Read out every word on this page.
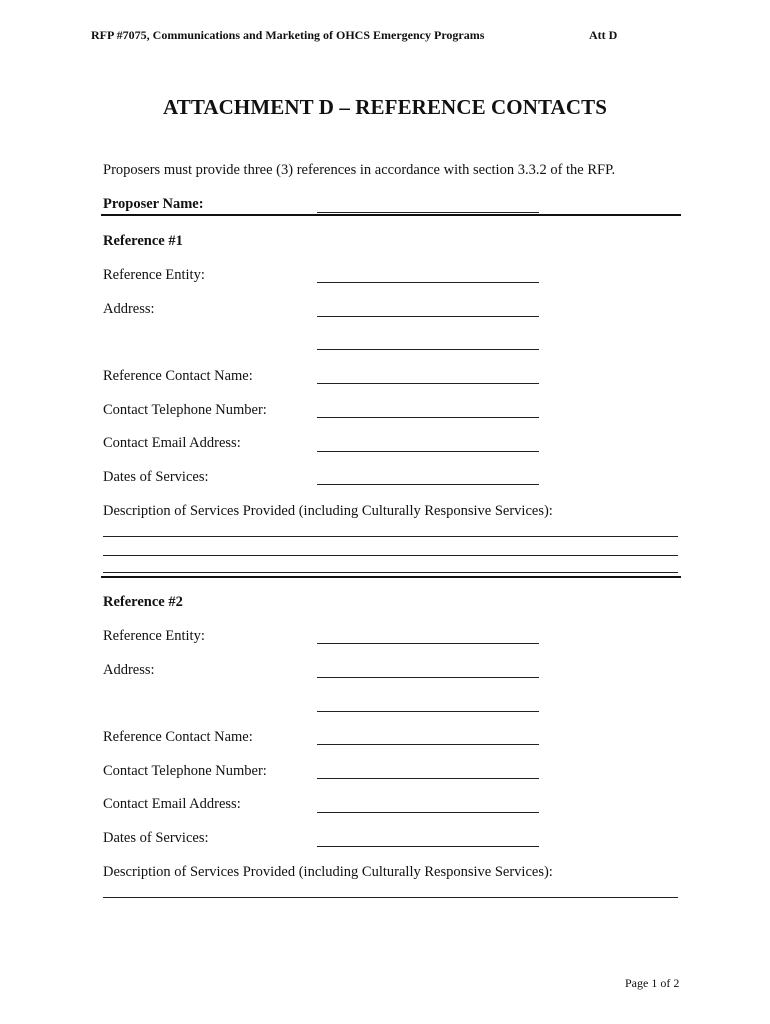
RFP #7075, Communications and Marketing of OHCS Emergency Programs	Att D
ATTACHMENT D – REFERENCE CONTACTS
Proposers must provide three (3) references in accordance with section 3.3.2 of the RFP.
Proposer Name:
Reference #1
Reference Entity:
Address:
Reference Contact Name:
Contact Telephone Number:
Contact Email Address:
Dates of Services:
Description of Services Provided (including Culturally Responsive Services):
Reference #2
Reference Entity:
Address:
Reference Contact Name:
Contact Telephone Number:
Contact Email Address:
Dates of Services:
Description of Services Provided (including Culturally Responsive Services):
Page 1 of 2
